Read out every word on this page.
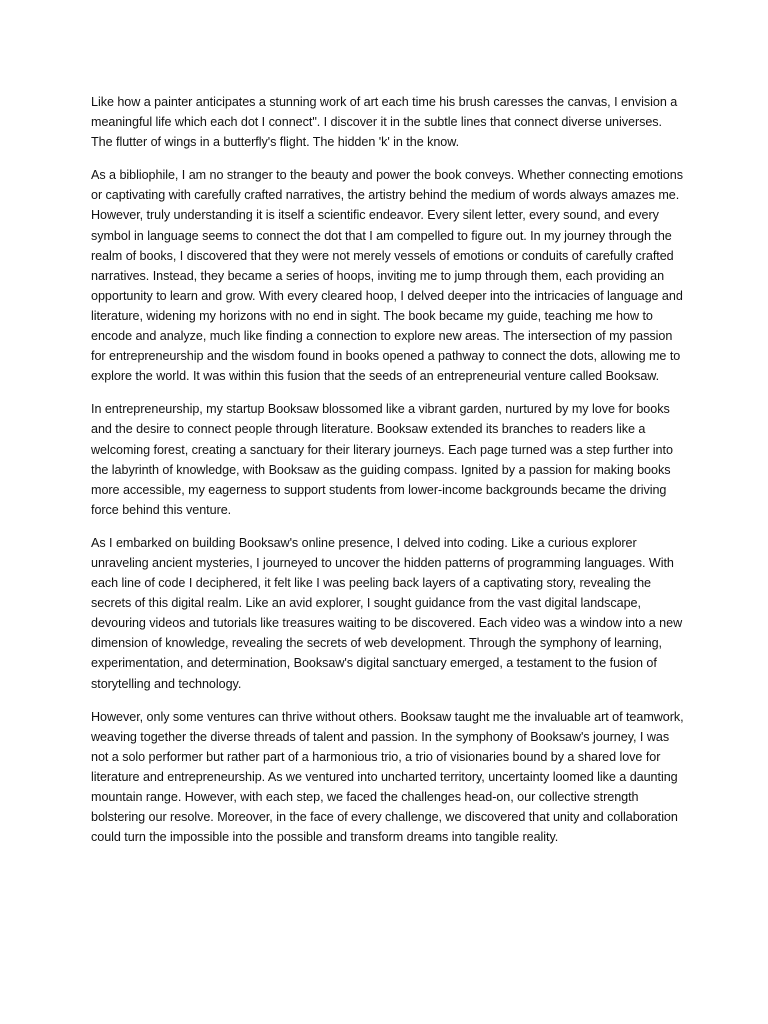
Like how a painter anticipates a stunning work of art each time his brush caresses the canvas, I envision a meaningful life which each dot I connect". I discover it in the subtle lines that connect diverse universes. The flutter of wings in a butterfly's flight. The hidden 'k' in the know.

As a bibliophile, I am no stranger to the beauty and power the book conveys. Whether connecting emotions or captivating with carefully crafted narratives, the artistry behind the medium of words always amazes me. However, truly understanding it is itself a scientific endeavor. Every silent letter, every sound, and every symbol in language seems to connect the dot that I am compelled to figure out. In my journey through the realm of books, I discovered that they were not merely vessels of emotions or conduits of carefully crafted narratives. Instead, they became a series of hoops, inviting me to jump through them, each providing an opportunity to learn and grow. With every cleared hoop, I delved deeper into the intricacies of language and literature, widening my horizons with no end in sight. The book became my guide, teaching me how to encode and analyze, much like finding a connection to explore new areas. The intersection of my passion for entrepreneurship and the wisdom found in books opened a pathway to connect the dots, allowing me to explore the world. It was within this fusion that the seeds of an entrepreneurial venture called Booksaw.

In entrepreneurship, my startup Booksaw blossomed like a vibrant garden, nurtured by my love for books and the desire to connect people through literature. Booksaw extended its branches to readers like a welcoming forest, creating a sanctuary for their literary journeys. Each page turned was a step further into the labyrinth of knowledge, with Booksaw as the guiding compass. Ignited by a passion for making books more accessible, my eagerness to support students from lower-income backgrounds became the driving force behind this venture.

As I embarked on building Booksaw's online presence, I delved into coding. Like a curious explorer unraveling ancient mysteries, I journeyed to uncover the hidden patterns of programming languages. With each line of code I deciphered, it felt like I was peeling back layers of a captivating story, revealing the secrets of this digital realm. Like an avid explorer, I sought guidance from the vast digital landscape, devouring videos and tutorials like treasures waiting to be discovered. Each video was a window into a new dimension of knowledge, revealing the secrets of web development. Through the symphony of learning, experimentation, and determination, Booksaw's digital sanctuary emerged, a testament to the fusion of storytelling and technology.

However, only some ventures can thrive without others. Booksaw taught me the invaluable art of teamwork, weaving together the diverse threads of talent and passion. In the symphony of Booksaw's journey, I was not a solo performer but rather part of a harmonious trio, a trio of visionaries bound by a shared love for literature and entrepreneurship. As we ventured into uncharted territory, uncertainty loomed like a daunting mountain range. However, with each step, we faced the challenges head-on, our collective strength bolstering our resolve. Moreover, in the face of every challenge, we discovered that unity and collaboration could turn the impossible into the possible and transform dreams into tangible reality.
